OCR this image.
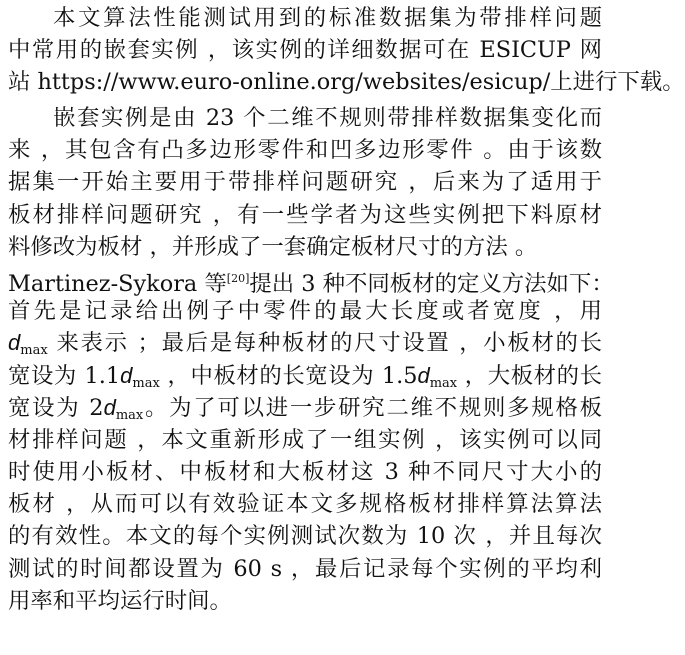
本文算法性能测试用到的标准数据集为带排样问题
中常用的嵌套实例 ，该实例的详细数据可在 ESICUP 网
站 https://www.euro-online.org/websites/esicup/上进行下载。
嵌套实例是由 23 个二维不规则带排样数据集变化而
来 ，其包含有凸多边形零件和凹多边形零件 。由于该数
据集一开始主要用于带排样问题研究 ，后来为了适用于
板材排样问题研究 ，有一些学者为这些实例把下料原材
料修改为板材 ，并形成了一套确定板材尺寸的方法 。
Martinez-Sykora 等[20]提出 3 种不同板材的定义方法如下：
首先是记录给出例子中零件的最大长度或者宽度 ，用
$d_{max}$ 来表示 ；最后是每种板材的尺寸设置 ，小板材的长
宽设为 $1.1d_{max}$ ，中板材的长宽设为 $1.5d_{max}$ ，大板材的长
宽设为 $2d_{max}$。为了可以进一步研究二维不规则多规格板
材排样问题 ，本文重新形成了一组实例 ，该实例可以同
时使用小板材、中板材和大板材这 3 种不同尺寸大小的
板材 ，从而可以有效验证本文多规格板材排样算法算法
的有效性。本文的每个实例测试次数为 10 次 ，并且每次
测试的时间都设置为 60 s ，最后记录每个实例的平均利
用率和平均运行时间。
